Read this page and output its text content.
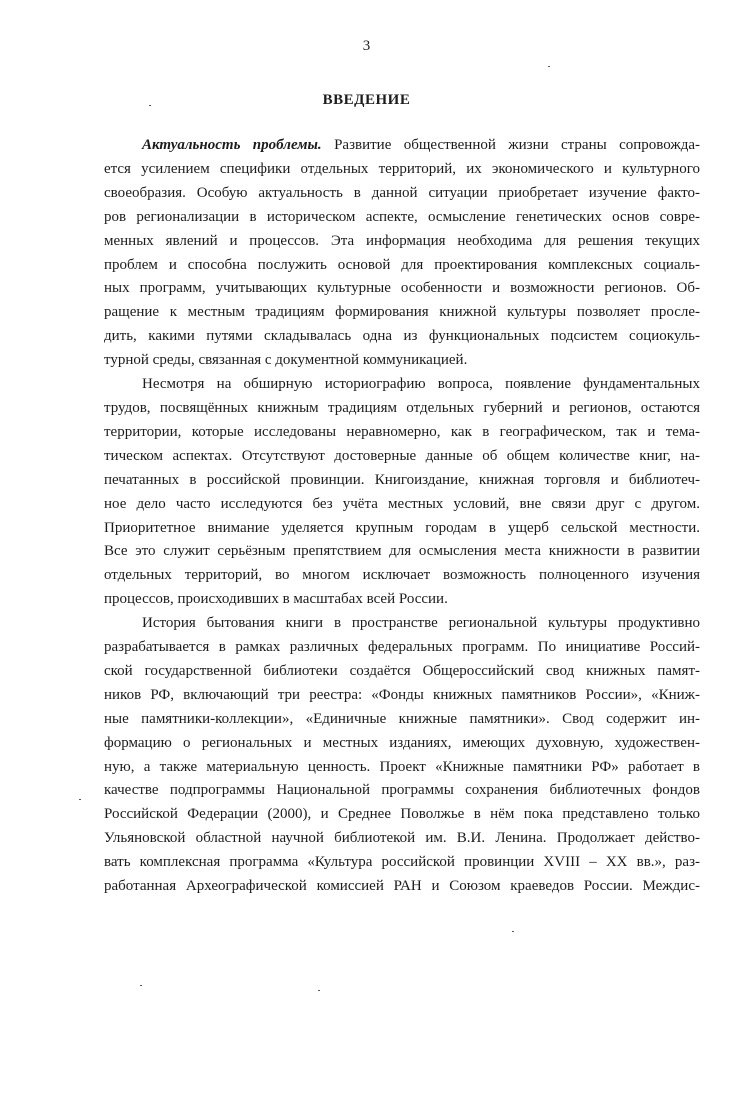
3
ВВЕДЕНИЕ
Актуальность проблемы. Развитие общественной жизни страны сопровожда-
ется усилением специфики отдельных территорий, их экономического и культурного
своеобразия. Особую актуальность в данной ситуации приобретает изучение факто-
ров регионализации в историческом аспекте, осмысление генетических основ совре-
менных явлений и процессов. Эта информация необходима для решения текущих
проблем и способна послужить основой для проектирования комплексных социаль-
ных программ, учитывающих культурные особенности и возможности регионов. Об-
ращение к местным традициям формирования книжной культуры позволяет просле-
дить, какими путями складывалась одна из функциональных подсистем социокуль-
турной среды, связанная с документной коммуникацией.
Несмотря на обширную историографию вопроса, появление фундаментальных
трудов, посвящённых книжным традициям отдельных губерний и регионов, остаются
территории, которые исследованы неравномерно, как в географическом, так и тема-
тическом аспектах. Отсутствуют достоверные данные об общем количестве книг, на-
печатанных в российской провинции. Книгоиздание, книжная торговля и библиотеч-
ное дело часто исследуются без учёта местных условий, вне связи друг с другом.
Приоритетное внимание уделяется крупным городам в ущерб сельской местности.
Все это служит серьёзным препятствием для осмысления места книжности в развитии
отдельных территорий, во многом исключает возможность полноценного изучения
процессов, происходивших в масштабах всей России.
История бытования книги в пространстве региональной культуры продуктивно
разрабатывается в рамках различных федеральных программ. По инициативе Россий-
ской государственной библиотеки создаётся Общероссийский свод книжных памят-
ников РФ, включающий три реестра: «Фонды книжных памятников России», «Книж-
ные памятники-коллекции», «Единичные книжные памятники». Свод содержит ин-
формацию о региональных и местных изданиях, имеющих духовную, художествен-
ную, а также материальную ценность. Проект «Книжные памятники РФ» работает в
качестве подпрограммы Национальной программы сохранения библиотечных фондов
Российской Федерации (2000), и Среднее Поволжье в нём пока представлено только
Ульяновской областной научной библиотекой им. В.И. Ленина. Продолжает действо-
вать комплексная программа «Культура российской провинции XVIII – XX вв.», раз-
работанная Археографической комиссией РАН и Союзом краеведов России. Междис-
